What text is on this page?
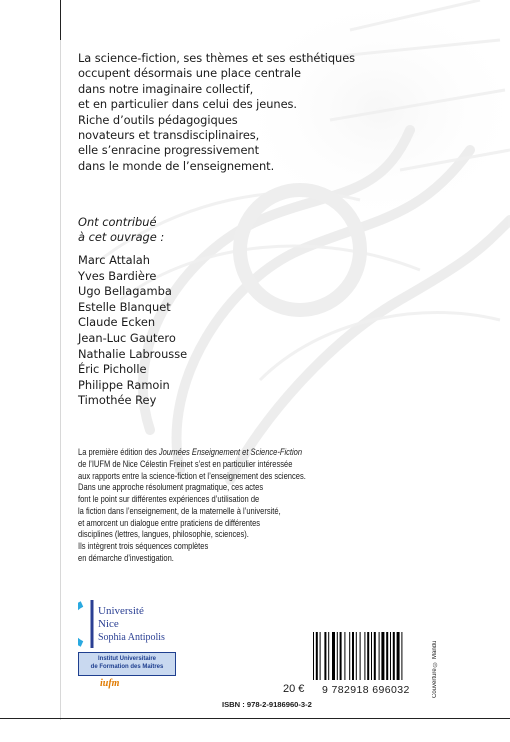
La science-fiction, ses thèmes et ses esthétiques
occupent désormais une place centrale
dans notre imaginaire collectif,
et en particulier dans celui des jeunes.
Riche d’outils pédagogiques
novateurs et transdisciplinaires,
elle s’enracine progressivement
dans le monde de l’enseignement.
Ont contribué
à cet ouvrage :
Marc Attalah
Yves Bardière
Ugo Bellagamba
Estelle Blanquet
Claude Ecken
Jean-Luc Gautero
Nathalie Labrousse
Éric Picholle
Philippe Ramoin
Timothée Rey
La première édition des Journées Enseignement et Science-Fiction
de l’IUFM de Nice Célestin Freinet s’est en particulier intéressée
aux rapports entre la science-fiction et l’enseignement des sciences.
Dans une approche résolument pragmatique, ces actes
font le point sur différentes expériences d’utilisation de
la fiction dans l’enseignement, de la maternelle à l’université,
et amorcent un dialogue entre praticiens de différentes
disciplines (lettres, langues, philosophie, sciences).
Ils intègrent trois séquences complètes
en démarche d’investigation.
Université
Nice
Sophia Antipolis
Institut Universitaire
de Formation des Maîtres
iufm	20 € 9 782918 696032	Couverture © Mandu
ISBN : 978-2-9186960-3-2
